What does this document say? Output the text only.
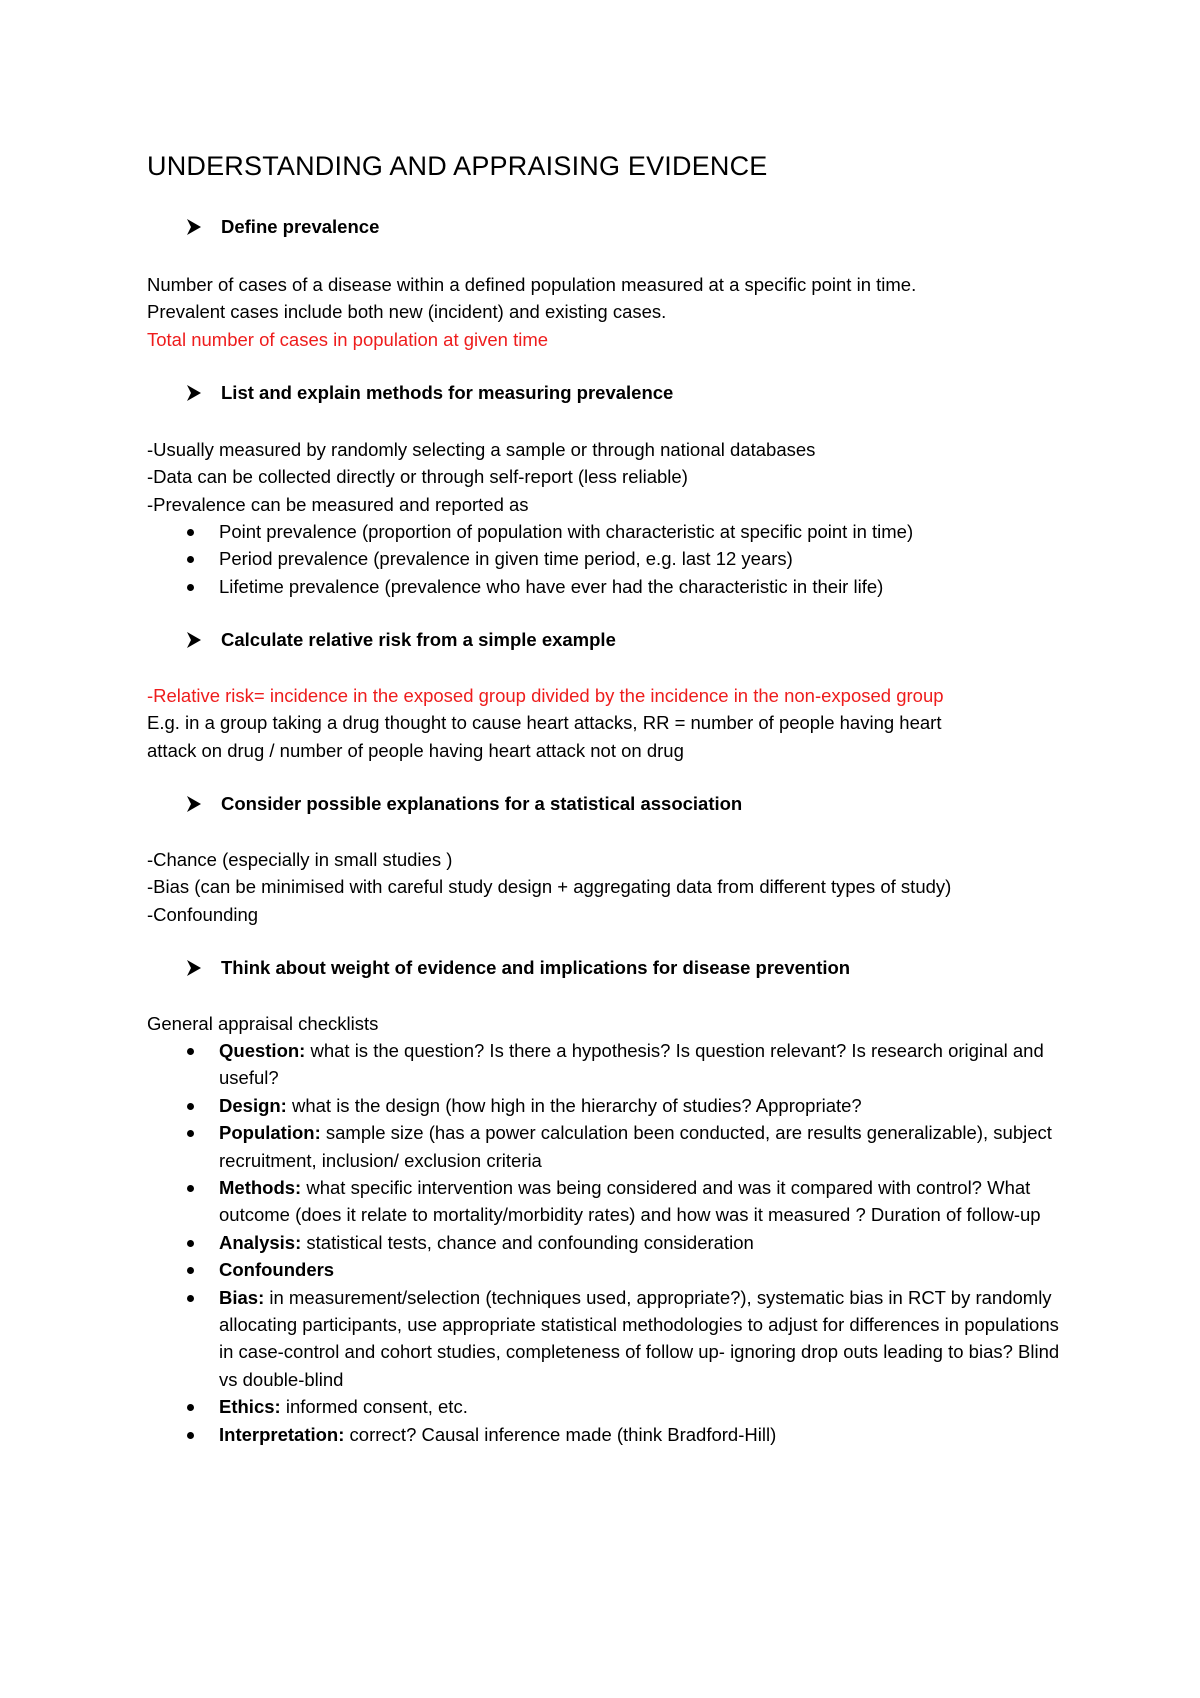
UNDERSTANDING AND APPRAISING EVIDENCE
Define prevalence

Number of cases of a disease within a defined population measured at a specific point in time.

Prevalent cases include both new (incident) and existing cases.

Total number of cases in population at given time

List and explain methods for measuring prevalence

-Usually measured by randomly selecting a sample or through national databases

-Data can be collected directly or through self-report (less reliable)

-Prevalence can be measured and reported as

Point prevalence (proportion of population with characteristic at specific point in time)
Period prevalence (prevalence in given time period, e.g. last 12 years)
Lifetime prevalence (prevalence who have ever had the characteristic in their life)
Calculate relative risk from a simple example

-Relative risk= incidence in the exposed group divided by the incidence in the non-exposed group

E.g. in a group taking a drug thought to cause heart attacks, RR = number of people having heart

attack on drug / number of people having heart attack not on drug

Consider possible explanations for a statistical association

-Chance (especially in small studies )

-Bias (can be minimised with careful study design + aggregating data from different types of study)

-Confounding

Think about weight of evidence and implications for disease prevention

General appraisal checklists

Question: what is the question? Is there a hypothesis? Is question relevant? Is research original and useful?
Design: what is the design (how high in the hierarchy of studies? Appropriate?
Population: sample size (has a power calculation been conducted, are results generalizable), subject recruitment, inclusion/ exclusion criteria
Methods: what specific intervention was being considered and was it compared with control? What outcome (does it relate to mortality/morbidity rates) and how was it measured ? Duration of follow-up
Analysis: statistical tests, chance and confounding consideration
Confounders
Bias: in measurement/selection (techniques used, appropriate?), systematic bias in RCT by randomly allocating participants, use appropriate statistical methodologies to adjust for differences in populations in case-control and cohort studies, completeness of follow up- ignoring drop outs leading to bias? Blind vs double-blind
Ethics: informed consent, etc.
Interpretation: correct? Causal inference made (think Bradford-Hill)
